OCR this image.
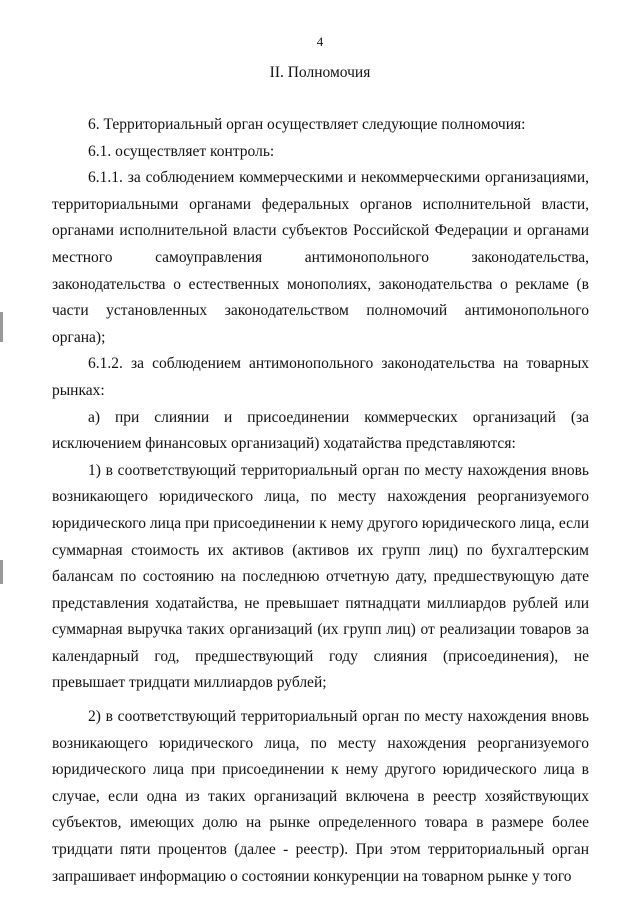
4
II. Полномочия

6. Территориальный орган осуществляет следующие полномочия:

6.1. осуществляет контроль:

6.1.1. за соблюдением коммерческими и некоммерческими организациями, территориальными органами федеральных органов исполнительной власти, органами исполнительной власти субъектов Российской Федерации и органами местного самоуправления антимонопольного законодательства, законодательства о естественных монополиях, законодательства о рекламе (в части установленных законодательством полномочий антимонопольного органа);

6.1.2. за соблюдением антимонопольного законодательства на товарных рынках:

а) при слиянии и присоединении коммерческих организаций (за исключением финансовых организаций) ходатайства представляются:

1) в соответствующий территориальный орган по месту нахождения вновь возникающего юридического лица, по месту нахождения реорганизуемого юридического лица при присоединении к нему другого юридического лица, если суммарная стоимость их активов (активов их групп лиц) по бухгалтерским балансам по состоянию на последнюю отчетную дату, предшествующую дате представления ходатайства, не превышает пятнадцати миллиардов рублей или суммарная выручка таких организаций (их групп лиц) от реализации товаров за календарный год, предшествующий году слияния (присоединения), не превышает тридцати миллиардов рублей;

2) в соответствующий территориальный орган по месту нахождения вновь возникающего юридического лица, по месту нахождения реорганизуемого юридического лица при присоединении к нему другого юридического лица в случае, если одна из таких организаций включена в реестр хозяйствующих субъектов, имеющих долю на рынке определенного товара в размере более тридцати пяти процентов (далее - реестр). При этом территориальный орган запрашивает информацию о состоянии конкуренции на товарном рынке у того
